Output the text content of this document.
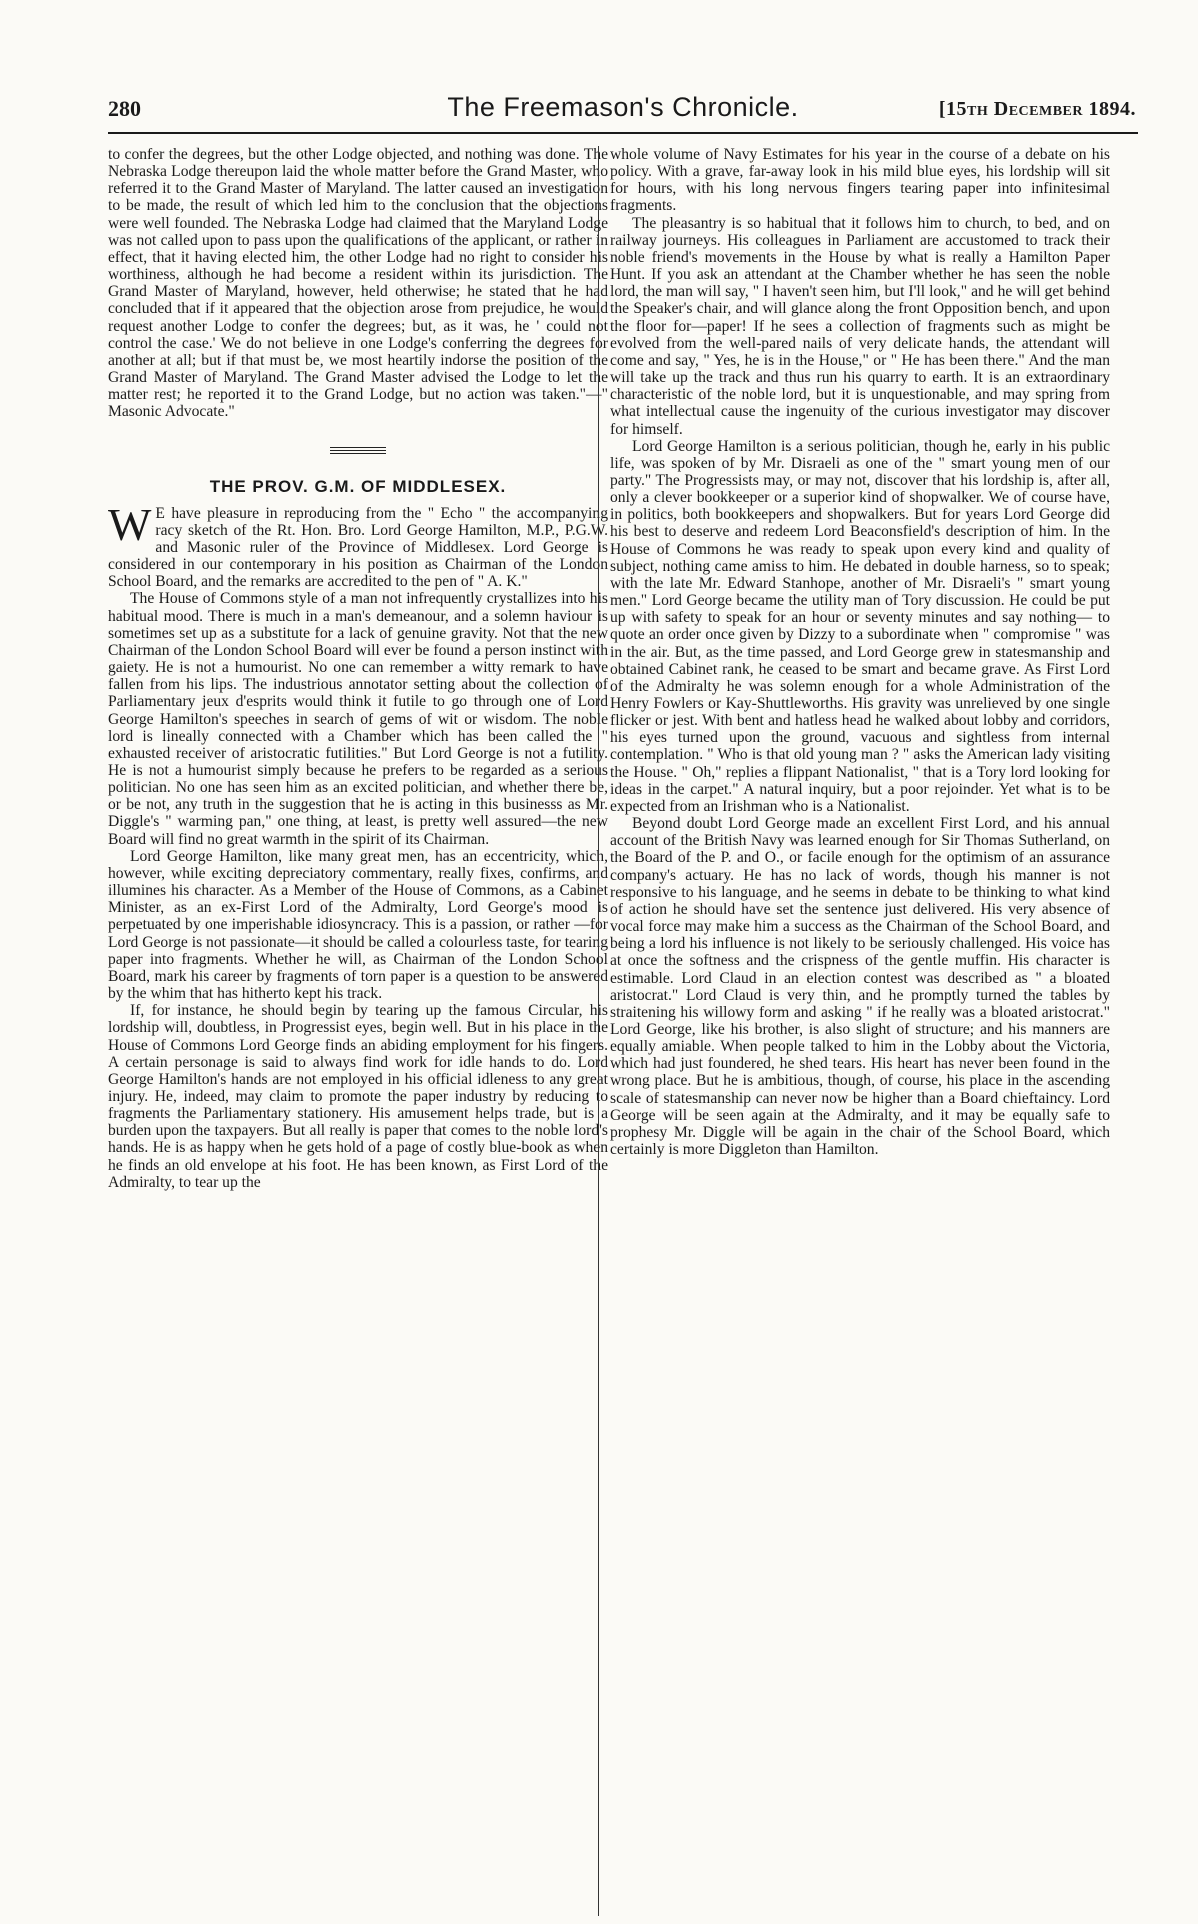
280	The Freemason's Chronicle.	[15th December 1894.

to confer the degrees, but the other Lodge objected, and nothing was done. The Nebraska Lodge thereupon laid the whole matter before the Grand Master, who referred it to the Grand Master of Maryland. The latter caused an investigation to be made, the result of which led him to the conclusion that the objections were well founded. The Nebraska Lodge had claimed that the Maryland Lodge was not called upon to pass upon the qualifications of the applicant, or rather in effect, that it having elected him, the other Lodge had no right to consider his worthiness, although he had become a resident within its jurisdiction. The Grand Master of Maryland, however, held otherwise; he stated that he had concluded that if it appeared that the objection arose from prejudice, he would request another Lodge to confer the degrees; but, as it was, he ' could not control the case.' We do not believe in one Lodge's conferring the degrees for another at all; but if that must be, we most heartily indorse the position of the Grand Master of Maryland. The Grand Master advised the Lodge to let the matter rest; he reported it to the Grand Lodge, but no action was taken."—" Masonic Advocate."

THE PROV. G.M. OF MIDDLESEX.

W E have pleasure in reproducing from the " Echo " the accompanying racy sketch of the Rt. Hon. Bro. Lord George Hamilton, M.P., P.G.W. and Masonic ruler of the Province of Middlesex. Lord George is considered in our contemporary in his position as Chairman of the London School Board, and the remarks are accredited to the pen of " A. K."

The House of Commons style of a man not infrequently crystallizes into his habitual mood. There is much in a man's demeanour, and a solemn haviour is sometimes set up as a substitute for a lack of genuine gravity. Not that the new Chairman of the London School Board will ever be found a person instinct with gaiety. He is not a humourist. No one can remember a witty remark to have fallen from his lips. The industrious annotator setting about the collection of Parliamentary jeux d'esprits would think it futile to go through one of Lord George Hamilton's speeches in search of gems of wit or wisdom. The noble lord is lineally connected with a Chamber which has been called the " exhausted receiver of aristocratic futilities." But Lord George is not a futility. He is not a humourist simply because he prefers to be regarded as a serious politician. No one has seen him as an excited politician, and whether there be, or be not, any truth in the suggestion that he is acting in this businesss as Mr. Diggle's " warming pan," one thing, at least, is pretty well assured—the new Board will find no great warmth in the spirit of its Chairman.

Lord George Hamilton, like many great men, has an eccentricity, which, however, while exciting depreciatory commentary, really fixes, confirms, and illumines his character. As a Member of the House of Commons, as a Cabinet Minister, as an ex-First Lord of the Admiralty, Lord George's mood is perpetuated by one imperishable idiosyncracy. This is a passion, or rather —for Lord George is not passionate—it should be called a colourless taste, for tearing paper into fragments. Whether he will, as Chairman of the London School Board, mark his career by fragments of torn paper is a question to be answered by the whim that has hitherto kept his track.

If, for instance, he should begin by tearing up the famous Circular, his lordship will, doubtless, in Progressist eyes, begin well. But in his place in the House of Commons Lord George finds an abiding employment for his fingers. A certain personage is said to always find work for idle hands to do. Lord George Hamilton's hands are not employed in his official idleness to any great injury. He, indeed, may claim to promote the paper industry by reducing to fragments the Parliamentary stationery. His amusement helps trade, but is a burden upon the taxpayers. But all really is paper that comes to the noble lord's hands. He is as happy when he gets hold of a page of costly blue-book as when he finds an old envelope at his foot. He has been known, as First Lord of the Admiralty, to tear up the

whole volume of Navy Estimates for his year in the course of a debate on his policy. With a grave, far-away look in his mild blue eyes, his lordship will sit for hours, with his long nervous fingers tearing paper into infinitesimal fragments.

The pleasantry is so habitual that it follows him to church, to bed, and on railway journeys. His colleagues in Parliament are accustomed to track their noble friend's movements in the House by what is really a Hamilton Paper Hunt. If you ask an attendant at the Chamber whether he has seen the noble lord, the man will say, " I haven't seen him, but I'll look," and he will get behind the Speaker's chair, and will glance along the front Opposition bench, and upon the floor for—paper! If he sees a collection of fragments such as might be evolved from the well-pared nails of very delicate hands, the attendant will come and say, " Yes, he is in the House," or " He has been there." And the man will take up the track and thus run his quarry to earth. It is an extraordinary characteristic of the noble lord, but it is unquestionable, and may spring from what intellectual cause the ingenuity of the curious investigator may discover for himself.

Lord George Hamilton is a serious politician, though he, early in his public life, was spoken of by Mr. Disraeli as one of the " smart young men of our party." The Progressists may, or may not, discover that his lordship is, after all, only a clever bookkeeper or a superior kind of shopwalker. We of course have, in politics, both bookkeepers and shopwalkers. But for years Lord George did his best to deserve and redeem Lord Beaconsfield's description of him. In the House of Commons he was ready to speak upon every kind and quality of subject, nothing came amiss to him. He debated in double harness, so to speak; with the late Mr. Edward Stanhope, another of Mr. Disraeli's " smart young men." Lord George became the utility man of Tory discussion. He could be put up with safety to speak for an hour or seventy minutes and say nothing— to quote an order once given by Dizzy to a subordinate when " compromise " was in the air. But, as the time passed, and Lord George grew in statesmanship and obtained Cabinet rank, he ceased to be smart and became grave. As First Lord of the Admiralty he was solemn enough for a whole Administration of the Henry Fowlers or Kay-Shuttleworths. His gravity was unrelieved by one single flicker or jest. With bent and hatless head he walked about lobby and corridors, his eyes turned upon the ground, vacuous and sightless from internal contemplation. " Who is that old young man ? " asks the American lady visiting the House. " Oh," replies a flippant Nationalist, " that is a Tory lord looking for ideas in the carpet." A natural inquiry, but a poor rejoinder. Yet what is to be expected from an Irishman who is a Nationalist.

Beyond doubt Lord George made an excellent First Lord, and his annual account of the British Navy was learned enough for Sir Thomas Sutherland, on the Board of the P. and O., or facile enough for the optimism of an assurance company's actuary. He has no lack of words, though his manner is not responsive to his language, and he seems in debate to be thinking to what kind of action he should have set the sentence just delivered. His very absence of vocal force may make him a success as the Chairman of the School Board, and being a lord his influence is not likely to be seriously challenged. His voice has at once the softness and the crispness of the gentle muffin. His character is estimable. Lord Claud in an election contest was described as " a bloated aristocrat." Lord Claud is very thin, and he promptly turned the tables by straitening his willowy form and asking " if he really was a bloated aristocrat." Lord George, like his brother, is also slight of structure; and his manners are equally amiable. When people talked to him in the Lobby about the Victoria, which had just foundered, he shed tears. His heart has never been found in the wrong place. But he is ambitious, though, of course, his place in the ascending scale of statesmanship can never now be higher than a Board chieftaincy. Lord George will be seen again at the Admiralty, and it may be equally safe to prophesy Mr. Diggle will be again in the chair of the School Board, which certainly is more Diggleton than Hamilton.
